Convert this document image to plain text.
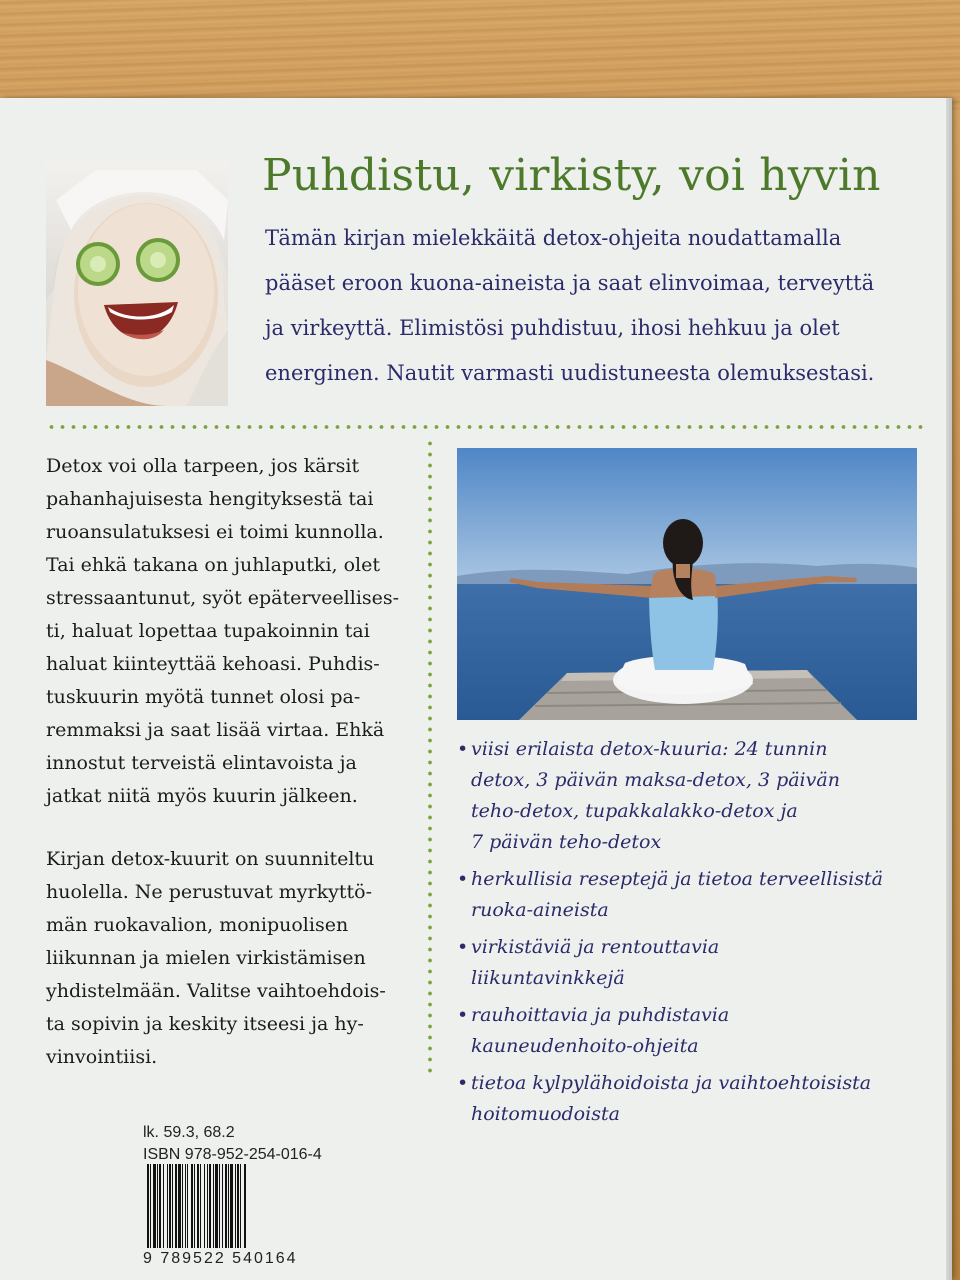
Puhdistu, virkisty, voi hyvin

Tämän kirjan mielekkäitä detox-ohjeita noudattamalla
pääset eroon kuona-aineista ja saat elinvoimaa, terveyttä
ja virkeyttä. Elimistösi puhdistuu, ihosi hehkuu ja olet
energinen. Nautit varmasti uudistuneesta olemuksestasi.

Detox voi olla tarpeen, jos kärsit
pahanhajuisesta hengityksestä tai
ruoansulatuksesi ei toimi kunnolla.
Tai ehkä takana on juhlaputki, olet
stressaantunut, syöt epäterveellises-
ti, haluat lopettaa tupakoinnin tai
haluat kiinteyttää kehoasi. Puhdis-
tuskuurin myötä tunnet olosi pa-
remmaksi ja saat lisää virtaa. Ehkä
innostut terveistä elintavoista ja
jatkat niitä myös kuurin jälkeen.

Kirjan detox-kuurit on suunniteltu
huolella. Ne perustuvat myrkyttö-
män ruokavalion, monipuolisen
liikunnan ja mielen virkistämisen
yhdistelmään. Valitse vaihtoehdois-
ta sopivin ja keskity itseesi ja hy-
vinvointiisi.

• viisi erilaista detox-kuuria: 24 tunnin
detox, 3 päivän maksa-detox, 3 päivän
teho-detox, tupakkalakko-detox ja
7 päivän teho-detox
• herkullisia reseptejä ja tietoa terveellisistä
ruoka-aineista
• virkistäviä ja rentouttavia
liikuntavinkkejä
• rauhoittavia ja puhdistavia
kauneudenhoito-ohjeita
• tietoa kylpylähoidoista ja vaihtoehtoisista
hoitomuodoista
lk. 59.3, 68.2
ISBN 978-952-254-016-4
9 789522 540164
